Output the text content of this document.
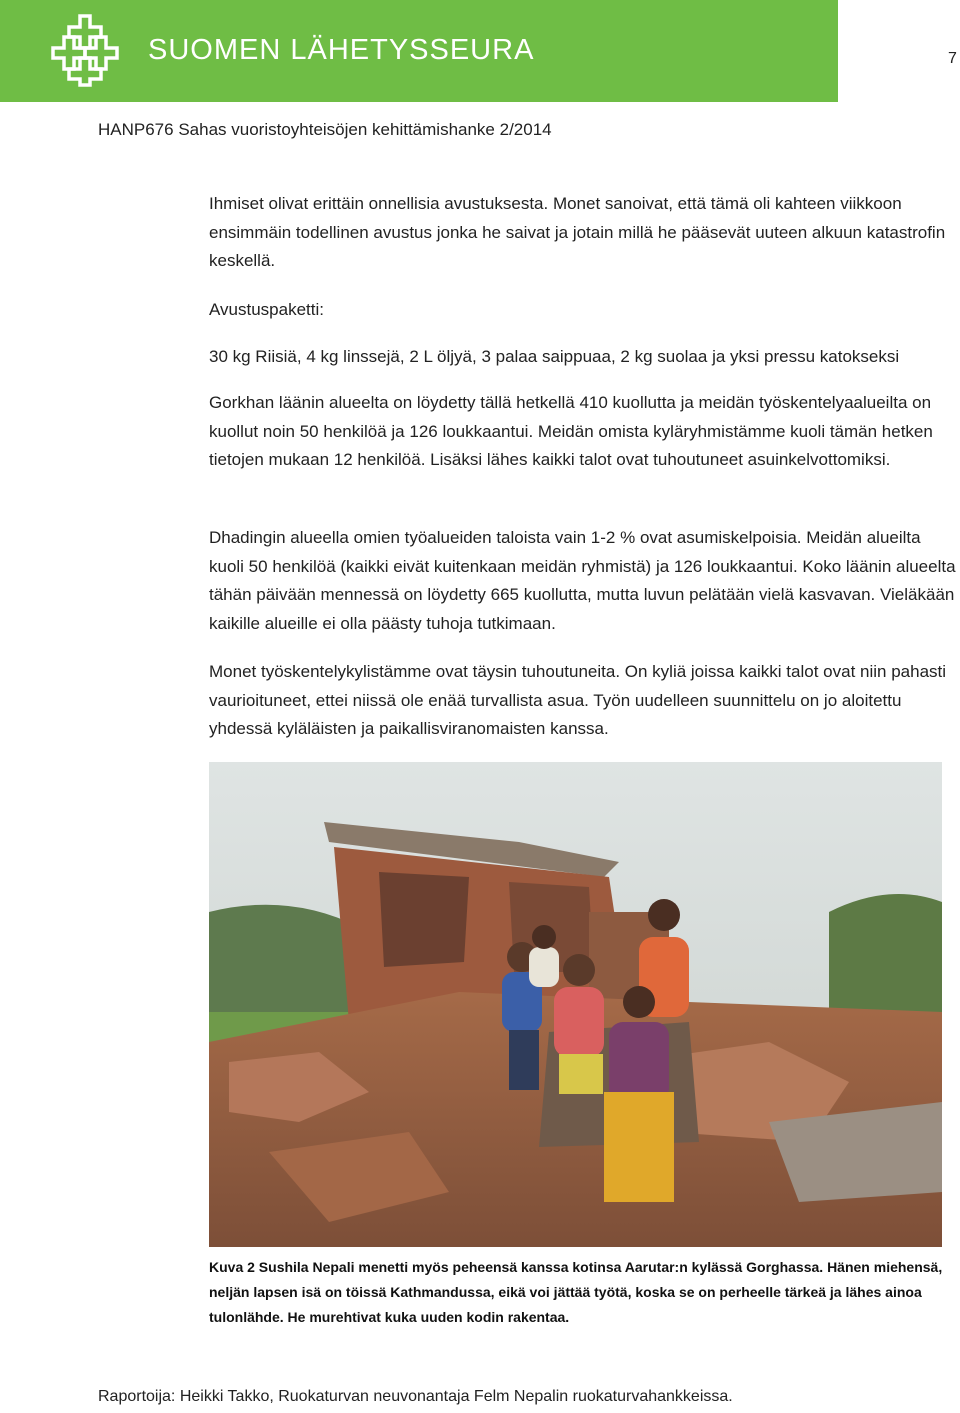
SUOMEN LÄHETYSSEURA	7
HANP676 Sahas vuoristoyhteisöjen kehittämishanke 2/2014

Ihmiset olivat erittäin onnellisia avustuksesta. Monet sanoivat, että tämä oli kahteen viikkoon ensimmäin todellinen avustus jonka he saivat ja jotain millä he pääsevät uuteen alkuun katastrofin keskellä.

Avustuspaketti:

30 kg Riisiä, 4 kg linssejä, 2 L öljyä, 3 palaa saippuaa, 2 kg suolaa ja yksi pressu katokseksi

Gorkhan läänin alueelta on löydetty tällä hetkellä 410 kuollutta ja meidän työskentelyaalueilta on kuollut noin 50 henkilöä ja 126 loukkaantui. Meidän omista kyläryhmistämme kuoli tämän hetken tietojen mukaan 12 henkilöä. Lisäksi lähes kaikki talot ovat tuhoutuneet asuinkelvottomiksi.

Dhadingin alueella omien työalueiden taloista vain 1-2 % ovat asumiskelpoisia. Meidän alueilta kuoli 50 henkilöä (kaikki eivät kuitenkaan meidän ryhmistä) ja 126 loukkaantui. Koko läänin alueelta tähän päivään mennessä on löydetty 665 kuollutta, mutta luvun pelätään vielä kasvavan. Vieläkään kaikille alueille ei olla päästy tuhoja tutkimaan.

Monet työskentelykylistämme ovat täysin tuhoutuneita. On kyliä joissa kaikki talot ovat niin pahasti vaurioituneet, ettei niissä ole enää turvallista asua. Työn uudelleen suunnittelu on jo aloitettu yhdessä kyläläisten ja paikallisviranomaisten kanssa.

Kuva 2 Sushila Nepali menetti myös peheensä kanssa kotinsa Aarutar:n kylässä Gorghassa. Hänen miehensä, neljän lapsen isä on töissä Kathmandussa, eikä voi jättää työtä, koska se on perheelle tärkeä ja lähes ainoa tulonlähde. He murehtivat kuka uuden kodin rakentaa.

Raportoija: Heikki Takko, Ruokaturvan neuvonantaja Felm Nepalin ruokaturvahankkeissa.
